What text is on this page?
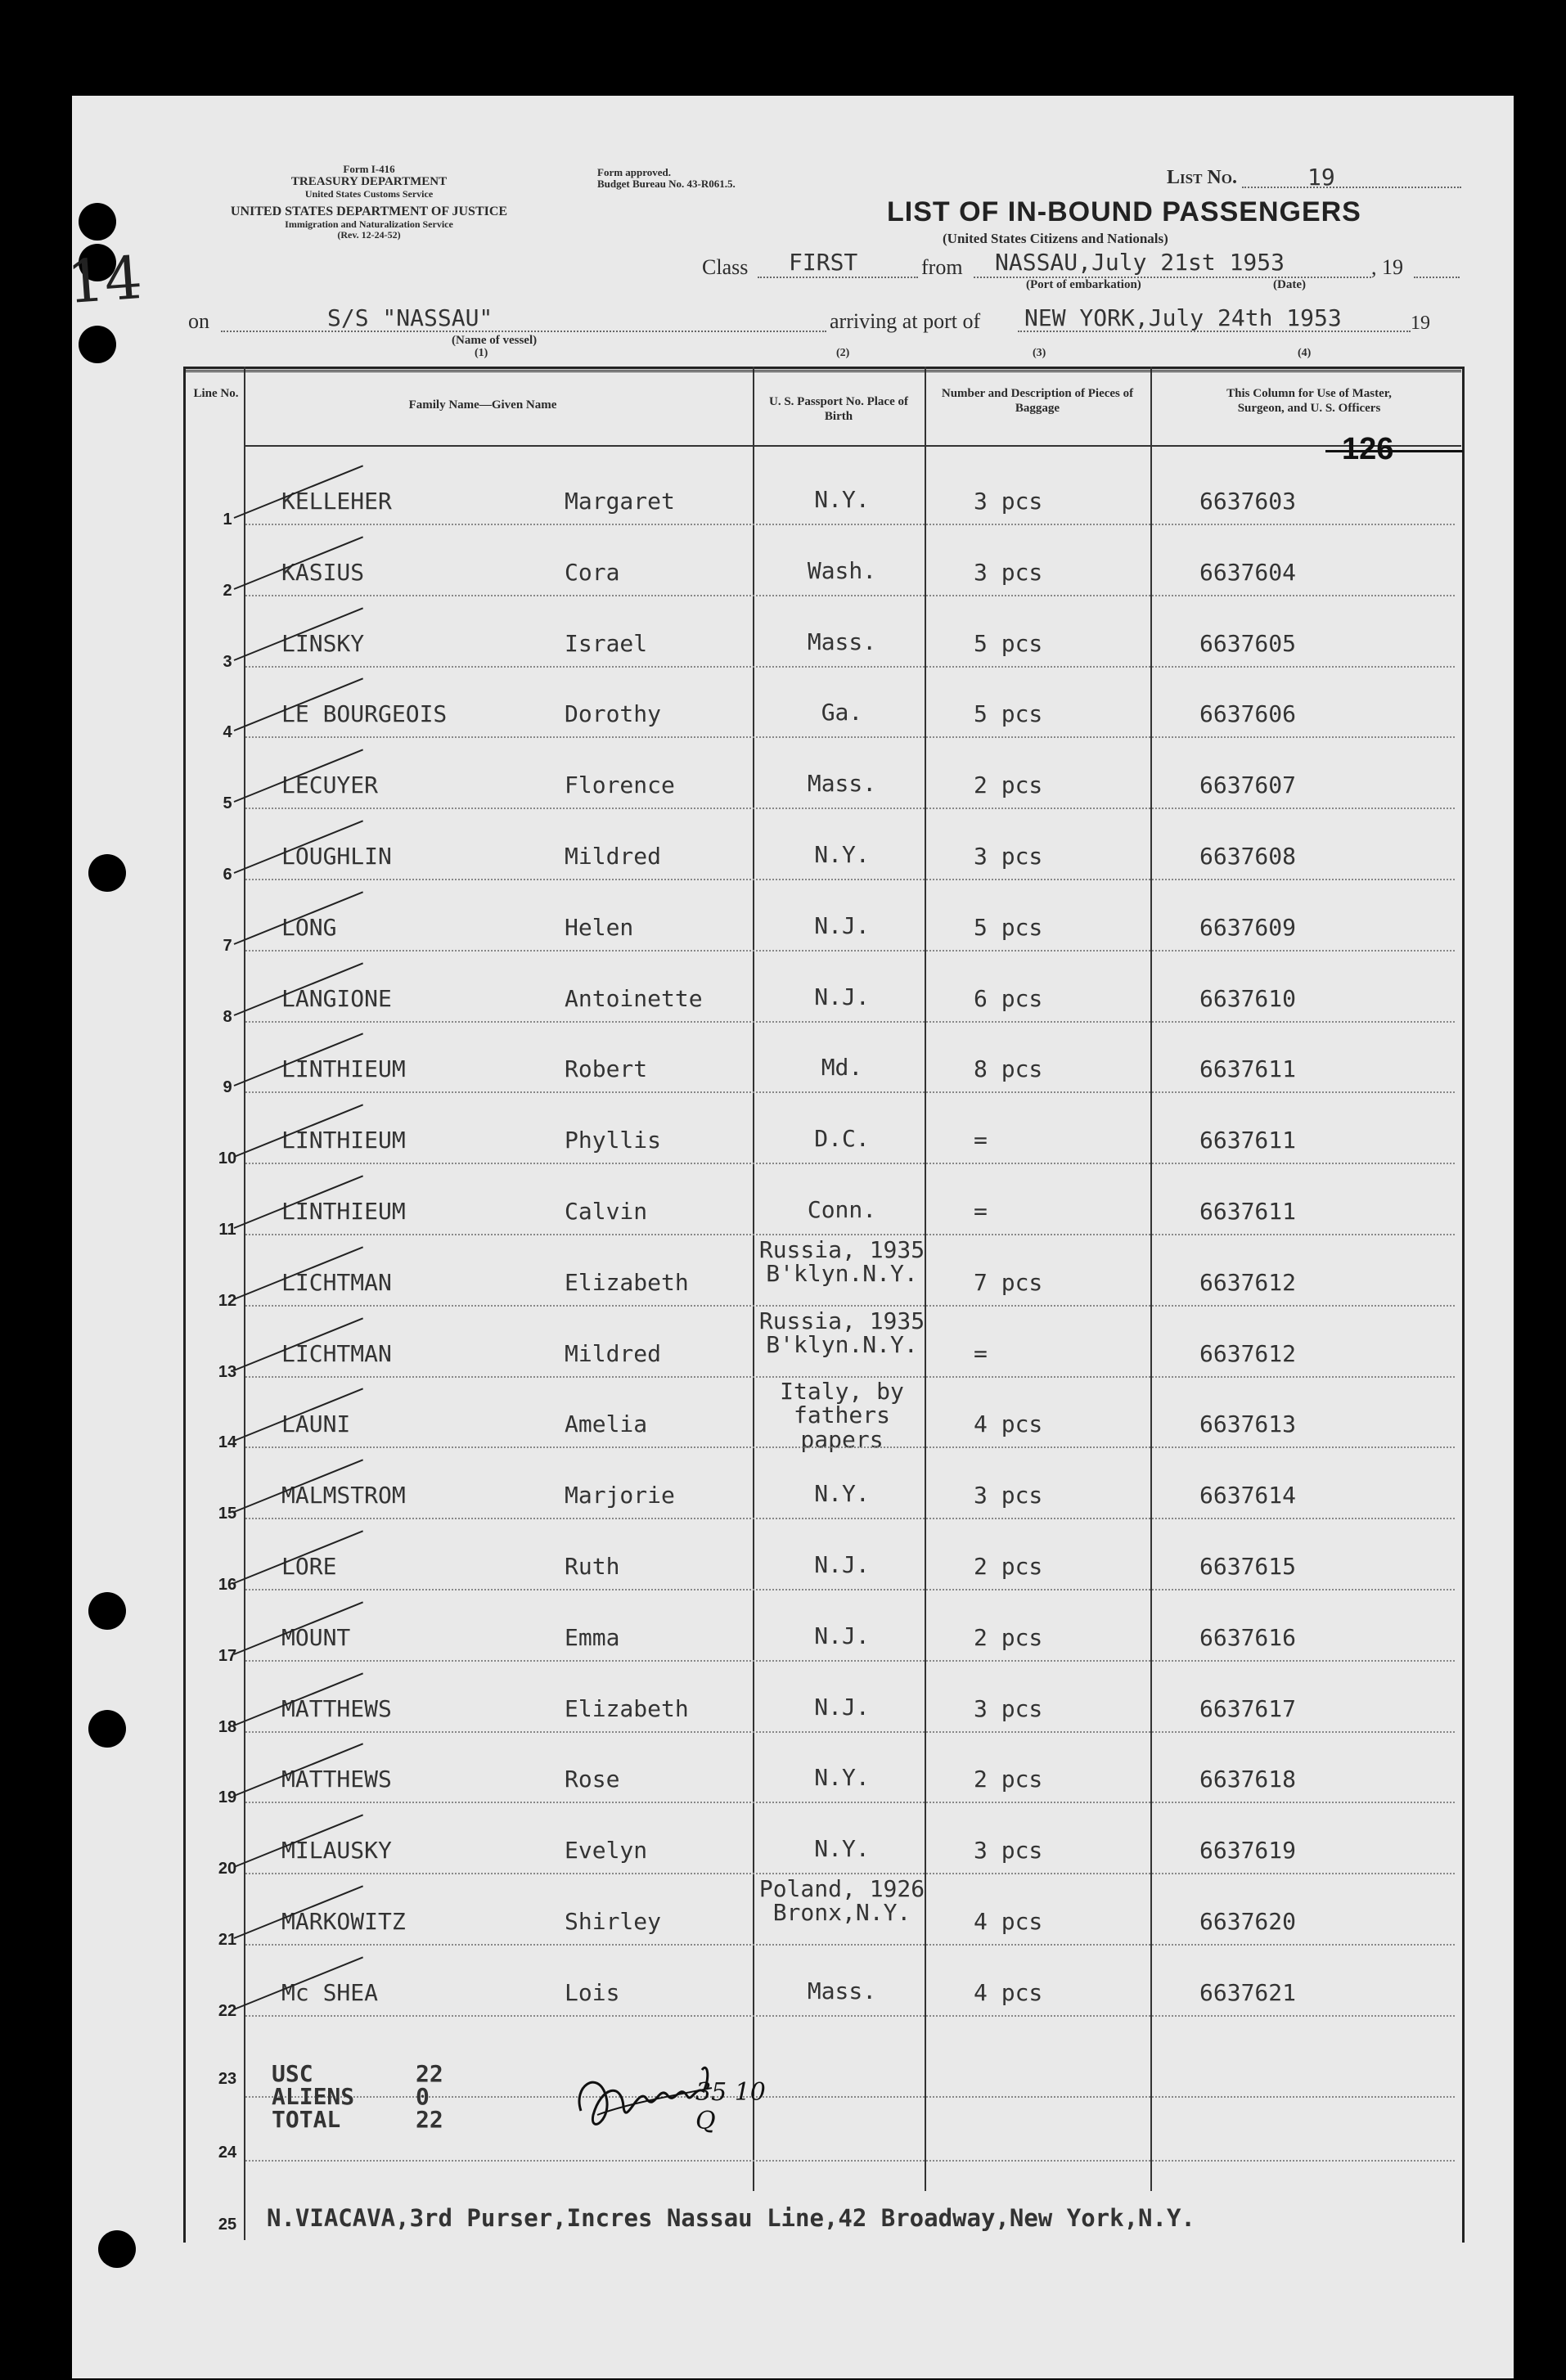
14
Form I-416
TREASURY DEPARTMENT
United States Customs Service
UNITED STATES DEPARTMENT OF JUSTICE
Immigration and Naturalization Service
(Rev. 12-24-52)
Form approved.
Budget Bureau No. 43-R061.5.	List No.	19
LIST OF IN-BOUND PASSENGERS
(United States Citizens and Nationals)
Class FIRST	from NASSAU,July 21st 1953	, 19
(Port of embarkation)	(Date)
on	S/S "NASSAU"
(Name of vessel)
(1)
arriving at port of NEW YORK,July 24th 1953	19
(2)	(3)	(4)
Line No.
Family Name—Given Name	U. S. Passport No. Place of Birth
Number and Description of Pieces of Baggage
This Column for Use of Master, Surgeon, and U. S. Officers
126
1
KELLEHER	Margaret	N.Y.	3 pcs	6637603
2
KASIUS	Cora	Wash.	3 pcs	6637604
3
LINSKY	Israel	Mass.	5 pcs	6637605
4
LE BOURGEOIS	Dorothy	Ga.	5 pcs	6637606
5
LECUYER	Florence	Mass.	2 pcs	6637607
6
LOUGHLIN	Mildred	N.Y.	3 pcs	6637608
7
LONG	Helen	N.J.	5 pcs	6637609
8
LANGIONE	Antoinette	N.J.	6 pcs	6637610
9
LINTHIEUM	Robert	Md.	8 pcs	6637611
10
LINTHIEUM	Phyllis	D.C.	=	6637611
11
LINTHIEUM	Calvin	Conn.	=	6637611
12
LICHTMAN	Elizabeth
Russia, 1935 B'klyn.N.Y.	7 pcs	6637612
13
LICHTMAN	Mildred
Russia, 1935 B'klyn.N.Y.	=	6637612
14
LAUNI	Amelia
Italy, by fathers papers
4 pcs	6637613
15
MALMSTROM	Marjorie	N.Y.	3 pcs	6637614
16
LORE	Ruth	N.J.	2 pcs	6637615
17
MOUNT	Emma	N.J.	2 pcs	6637616
18
MATTHEWS	Elizabeth	N.J.	3 pcs	6637617
19
MATTHEWS	Rose	N.Y.	2 pcs	6637618
20
MILAUSKY	Evelyn	N.Y.	3 pcs	6637619
21
MARKOWITZ	Shirley
Poland, 1926 Bronx,N.Y.	4 pcs	6637620
22
Mc SHEA	Lois	Mass.	4 pcs	6637621
23
24
25
USC	22
ALIENS	0
TOTAL	22
35 10 Q
N.VIACAVA,3rd Purser,Incres Nassau Line,42 Broadway,New York,N.Y.
